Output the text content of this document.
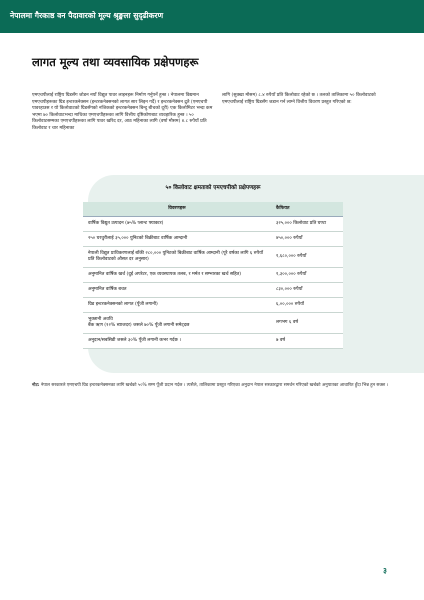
नेपालमा गैरकाष्ठ वन पैदावारको मूल्य श्रृङ्खला सुदृढीकरण
लागत मूल्य तथा व्यवसायिक प्रक्षेपणहरू
एमएचपीलाई राष्ट्रिय ग्रिडसँग जोडन नयाँ विद्युत पावर लाइनहरू निर्माण गर्नुपर्ने हुन्छ । नेपालमा विद्यमान एमएचपीहरूका ग्रिड इन्टरकनेक्सन (इन्टरकनेक्सनको लागत सार लिइन गर्दै) र इन्टरकनेक्सन द्रुतै (एमएचपी पावरहाउस र यो किलोवाटको ग्रिडसँगको नजिकको इन्टरकनेक्सन बिन्दु बीचको दूरी) एक किलोमिटर भन्दा कम भएमा ७० किलोवाटभन्दा माथिका एमएचपीहरूका लागि वित्तीय दृष्टिकोणबाट व्यवहारिक हुन्छ । ५० किलोवाटसम्मका एमएचपीहरूका लागि पावर खरिद दर, आठ महिनाका लागि (वर्षा मौसम) ४.८ रुपैयाँ प्रति किलोवाट र चार महिनाका
लागि (सुक्खा मौसम) ८.४ रुपैयाँ प्रति किलोवाट रहेको छ । तलको तालिकामा ५० किलोवाटको एमएचपीलाई राष्ट्रिय ग्रिडसँग जडान गर्न लाग्ने वित्तीय विवरण प्रस्तुत गरिएको छ:
५० किलोवाट क्षमताको एमएचपीको प्रक्षेपणहरू
विवरणहरू	कैफियत
वार्षिक विद्युत उत्पादन (७५% प्लान्ट फ्याक्टर)	३२५,००० किलोवाट प्रति घण्टा
२५० घरधुरीलाई ३५,००० युनिटको बिक्रीबाट वार्षिक आम्दानी	४५०,००० रुपैयाँ
नेपाली विद्युत प्राधिकरणलाई बाँकी २८०,००० युनिटको बिक्रीबाट वार्षिक आम्दानी (पूरै वर्षका लागि ६ रुपैयाँ प्रति किलोवाटको औसत दर अनुसार)	१,६८०,००० रुपैयाँ
अनुमानित वार्षिक खर्च (दुई अपरेटर, एक व्यवस्थापक तलब, र मर्मत र सम्भारका खर्च सहित)	१,३००,००० रुपैयाँ
अनुमानित वार्षिक बचत	८३०,००० रुपैयाँ
ग्रिड इन्टरकनेक्सनको लागत (पूँजी लगानी)	६,००,००० रुपैयाँ
भुक्तानी अवधि
बैंक ऋण (१२% ब्याजदर) जसले ७०% पूँजी लगानी समेट्दछ	लगभग ६ वर्ष
अनुदान/सबसिडी जसले ३०% पूँजी लगानी कभर गर्दछ ।	७ वर्ष
नोट: नेपाल सरकारले एमएचपी ग्रिड इन्टरकनेक्सनका लागि खर्चको ५०% सम्म पूँजी प्रदान गर्दछ । त्यसैले, तालिकामा प्रस्तुत गरिएका अनुदान नेपाल सरकारद्वारा समर्थन गरिएको खर्चको अनुपातका आधारित हुँदा भिन्न हुन सक्छ ।
३
